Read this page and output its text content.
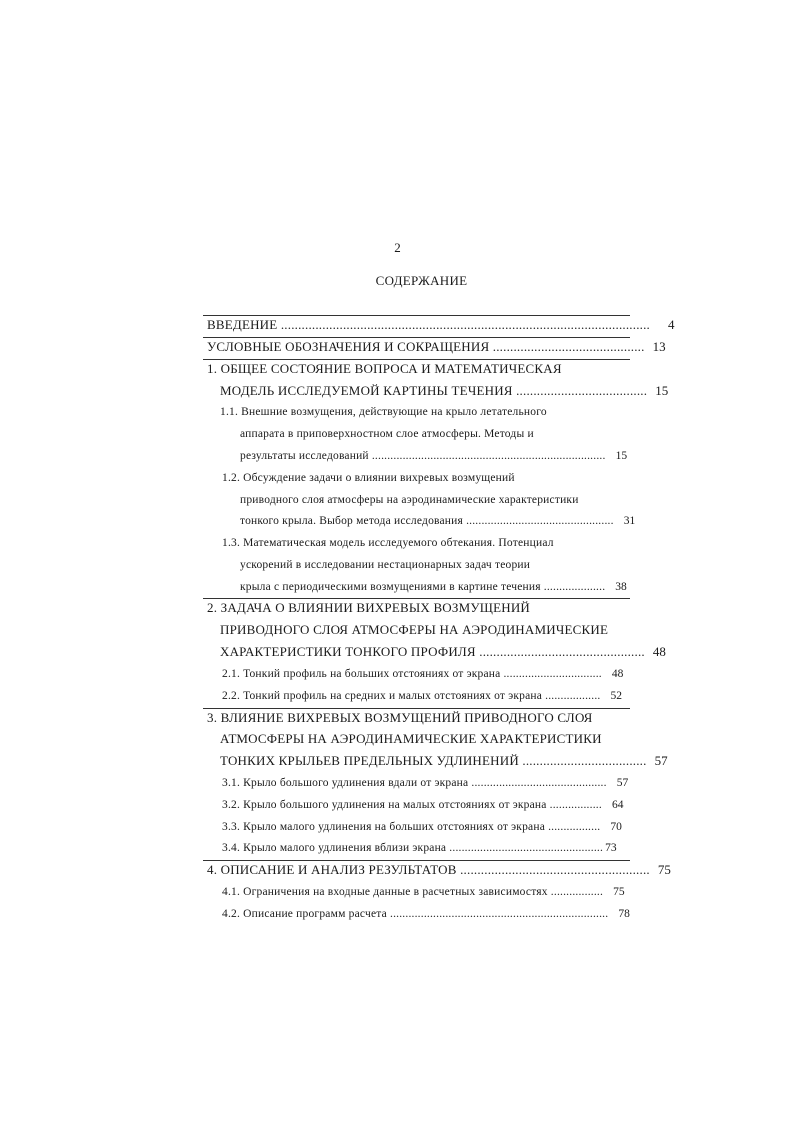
2
СОДЕРЖАНИЕ
ВВЕДЕНИЕ ........................................................................................................... 4
УСЛОВНЫЕ ОБОЗНАЧЕНИЯ И СОКРАЩЕНИЯ ............................................ 13
1. ОБЩЕЕ СОСТОЯНИЕ ВОПРОСА И МАТЕМАТИЧЕСКАЯ
МОДЕЛЬ ИССЛЕДУЕМОЙ КАРТИНЫ ТЕЧЕНИЯ ...................................... 15
1.1. Внешние возмущения, действующие на крыло летательного
аппарата в приповерхностном слое атмосферы. Методы и
результаты исследований ............................................................................ 15
1.2. Обсуждение задачи о влиянии вихревых возмущений
приводного слоя атмосферы на аэродинамические характеристики
тонкого крыла. Выбор метода исследования ................................................ 31
1.3. Математическая модель исследуемого обтекания. Потенциал
ускорений в исследовании нестационарных задач теории
крыла с периодическими возмущениями в картине течения .................... 38
2. ЗАДАЧА О ВЛИЯНИИ ВИХРЕВЫХ ВОЗМУЩЕНИЙ
ПРИВОДНОГО СЛОЯ АТМОСФЕРЫ НА АЭРОДИНАМИЧЕСКИЕ
ХАРАКТЕРИСТИКИ ТОНКОГО ПРОФИЛЯ ................................................ 48
2.1. Тонкий профиль на больших отстояниях от экрана ................................ 48
2.2. Тонкий профиль на средних и малых отстояниях от экрана .................. 52
3. ВЛИЯНИЕ ВИХРЕВЫХ ВОЗМУЩЕНИЙ ПРИВОДНОГО СЛОЯ
АТМОСФЕРЫ НА АЭРОДИНАМИЧЕСКИЕ ХАРАКТЕРИСТИКИ
ТОНКИХ КРЫЛЬЕВ ПРЕДЕЛЬНЫХ УДЛИНЕНИЙ .................................... 57
3.1. Крыло большого удлинения вдали от экрана ............................................ 57
3.2. Крыло большого удлинения на малых отстояниях от экрана ................. 64
3.3. Крыло малого удлинения на больших отстояниях от экрана ................. 70
3.4. Крыло малого удлинения вблизи экрана .................................................. 73
4. ОПИСАНИЕ И АНАЛИЗ РЕЗУЛЬТАТОВ ....................................................... 75
4.1. Ограничения на входные данные в расчетных зависимостях ................. 75
4.2. Описание программ расчета ....................................................................... 78
